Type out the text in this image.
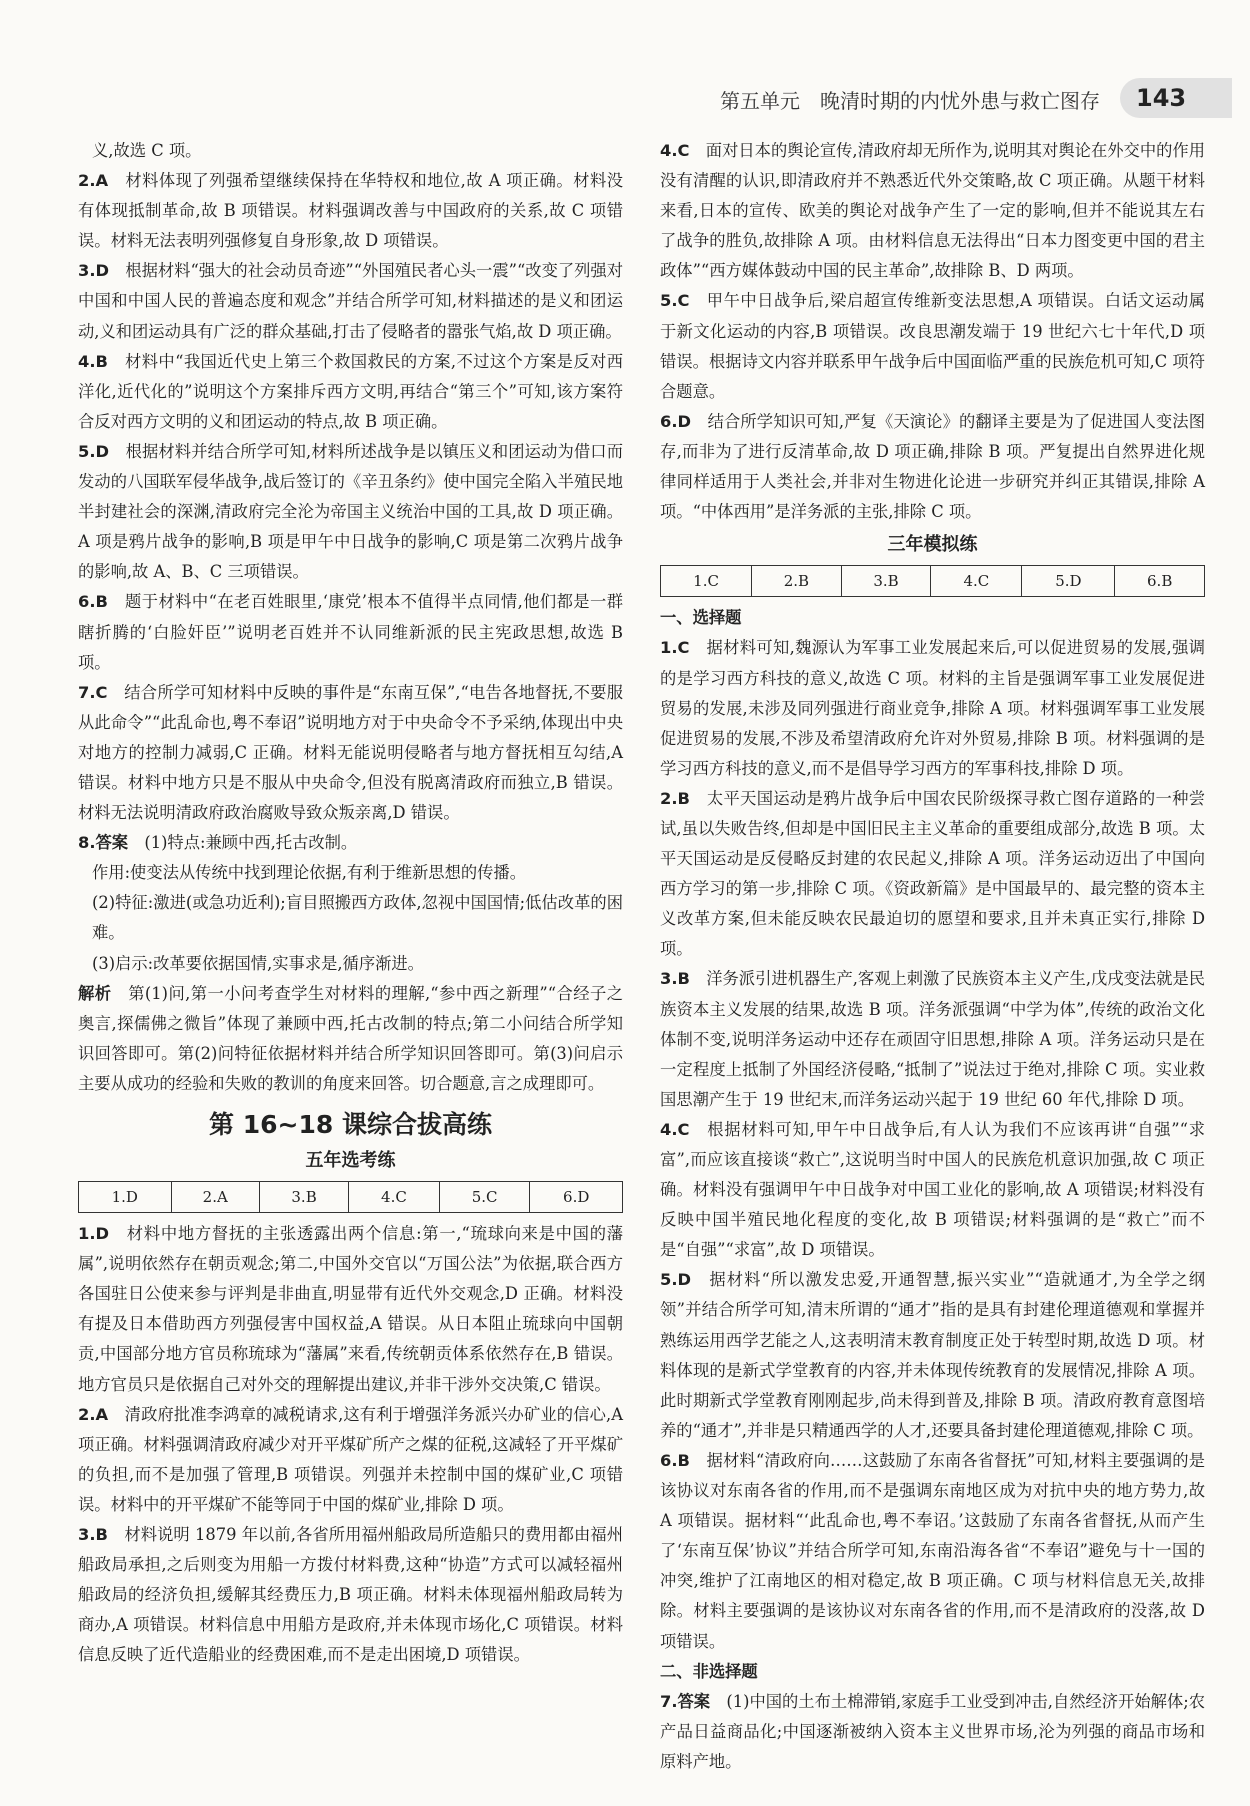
第五单元　晚清时期的内忧外患与救亡图存	143

义,故选 C 项。

2.A　材料体现了列强希望继续保持在华特权和地位,故 A 项正确。材料没有体现抵制革命,故 B 项错误。材料强调改善与中国政府的关系,故 C 项错误。材料无法表明列强修复自身形象,故 D 项错误。

3.D　根据材料“强大的社会动员奇迹”“外国殖民者心头一震”“改变了列强对中国和中国人民的普遍态度和观念”并结合所学可知,材料描述的是义和团运动,义和团运动具有广泛的群众基础,打击了侵略者的嚣张气焰,故 D 项正确。

4.B　材料中“我国近代史上第三个救国救民的方案,不过这个方案是反对西洋化,近代化的”说明这个方案排斥西方文明,再结合“第三个”可知,该方案符合反对西方文明的义和团运动的特点,故 B 项正确。

5.D　根据材料并结合所学可知,材料所述战争是以镇压义和团运动为借口而发动的八国联军侵华战争,战后签订的《辛丑条约》使中国完全陷入半殖民地半封建社会的深渊,清政府完全沦为帝国主义统治中国的工具,故 D 项正确。A 项是鸦片战争的影响,B 项是甲午中日战争的影响,C 项是第二次鸦片战争的影响,故 A、B、C 三项错误。

6.B　题于材料中“在老百姓眼里,‘康党’根本不值得半点同情,他们都是一群瞎折腾的‘白脸奸臣’”说明老百姓并不认同维新派的民主宪政思想,故选 B 项。

7.C　结合所学可知材料中反映的事件是“东南互保”,“电告各地督抚,不要服从此命令”“此乱命也,粤不奉诏”说明地方对于中央命令不予采纳,体现出中央对地方的控制力减弱,C 正确。材料无能说明侵略者与地方督抚相互勾结,A 错误。材料中地方只是不服从中央命令,但没有脱离清政府而独立,B 错误。材料无法说明清政府政治腐败导致众叛亲离,D 错误。

8.答案　(1)特点:兼顾中西,托古改制。

作用:使变法从传统中找到理论依据,有利于维新思想的传播。

(2)特征:激进(或急功近利);盲目照搬西方政体,忽视中国国情;低估改革的困难。

(3)启示:改革要依据国情,实事求是,循序渐进。

解析　第(1)问,第一小问考查学生对材料的理解,“参中西之新理”“合经子之奥言,探儒佛之微旨”体现了兼顾中西,托古改制的特点;第二小问结合所学知识回答即可。第(2)问特征依据材料并结合所学知识回答即可。第(3)问启示主要从成功的经验和失败的教训的角度来回答。切合题意,言之成理即可。

第 16~18 课综合拔高练
五年选考练
1.D	2.A	3.B	4.C	5.C	6.D

1.D　材料中地方督抚的主张透露出两个信息:第一,“琉球向来是中国的藩属”,说明依然存在朝贡观念;第二,中国外交官以“万国公法”为依据,联合西方各国驻日公使来参与评判是非曲直,明显带有近代外交观念,D 正确。材料没有提及日本借助西方列强侵害中国权益,A 错误。从日本阻止琉球向中国朝贡,中国部分地方官员称琉球为“藩属”来看,传统朝贡体系依然存在,B 错误。地方官员只是依据自己对外交的理解提出建议,并非干涉外交决策,C 错误。

2.A　清政府批准李鸿章的减税请求,这有利于增强洋务派兴办矿业的信心,A 项正确。材料强调清政府减少对开平煤矿所产之煤的征税,这减轻了开平煤矿的负担,而不是加强了管理,B 项错误。列强并未控制中国的煤矿业,C 项错误。材料中的开平煤矿不能等同于中国的煤矿业,排除 D 项。

3.B　材料说明 1879 年以前,各省所用福州船政局所造船只的费用都由福州船政局承担,之后则变为用船一方拨付材料费,这种“协造”方式可以减轻福州船政局的经济负担,缓解其经费压力,B 项正确。材料未体现福州船政局转为商办,A 项错误。材料信息中用船方是政府,并未体现市场化,C 项错误。材料信息反映了近代造船业的经费困难,而不是走出困境,D 项错误。

4.C　面对日本的舆论宣传,清政府却无所作为,说明其对舆论在外交中的作用没有清醒的认识,即清政府并不熟悉近代外交策略,故 C 项正确。从题干材料来看,日本的宣传、欧美的舆论对战争产生了一定的影响,但并不能说其左右了战争的胜负,故排除 A 项。由材料信息无法得出“日本力图变更中国的君主政体”“西方媒体鼓动中国的民主革命”,故排除 B、D 两项。

5.C　甲午中日战争后,梁启超宣传维新变法思想,A 项错误。白话文运动属于新文化运动的内容,B 项错误。改良思潮发端于 19 世纪六七十年代,D 项错误。根据诗文内容并联系甲午战争后中国面临严重的民族危机可知,C 项符合题意。

6.D　结合所学知识可知,严复《天演论》的翻译主要是为了促进国人变法图存,而非为了进行反清革命,故 D 项正确,排除 B 项。严复提出自然界进化规律同样适用于人类社会,并非对生物进化论进一步研究并纠正其错误,排除 A 项。“中体西用”是洋务派的主张,排除 C 项。

三年模拟练
1.C	2.B	3.B	4.C	5.D	6.B

一、选择题

1.C　据材料可知,魏源认为军事工业发展起来后,可以促进贸易的发展,强调的是学习西方科技的意义,故选 C 项。材料的主旨是强调军事工业发展促进贸易的发展,未涉及同列强进行商业竞争,排除 A 项。材料强调军事工业发展促进贸易的发展,不涉及希望清政府允许对外贸易,排除 B 项。材料强调的是学习西方科技的意义,而不是倡导学习西方的军事科技,排除 D 项。

2.B　太平天国运动是鸦片战争后中国农民阶级探寻救亡图存道路的一种尝试,虽以失败告终,但却是中国旧民主主义革命的重要组成部分,故选 B 项。太平天国运动是反侵略反封建的农民起义,排除 A 项。洋务运动迈出了中国向西方学习的第一步,排除 C 项。《资政新篇》是中国最早的、最完整的资本主义改革方案,但未能反映农民最迫切的愿望和要求,且并未真正实行,排除 D 项。

3.B　洋务派引进机器生产,客观上刺激了民族资本主义产生,戊戌变法就是民族资本主义发展的结果,故选 B 项。洋务派强调“中学为体”,传统的政治文化体制不变,说明洋务运动中还存在顽固守旧思想,排除 A 项。洋务运动只是在一定程度上抵制了外国经济侵略,“抵制了”说法过于绝对,排除 C 项。实业救国思潮产生于 19 世纪末,而洋务运动兴起于 19 世纪 60 年代,排除 D 项。

4.C　根据材料可知,甲午中日战争后,有人认为我们不应该再讲“自强”“求富”,而应该直接谈“救亡”,这说明当时中国人的民族危机意识加强,故 C 项正确。材料没有强调甲午中日战争对中国工业化的影响,故 A 项错误;材料没有反映中国半殖民地化程度的变化,故 B 项错误;材料强调的是“救亡”而不是“自强”“求富”,故 D 项错误。

5.D　据材料“所以激发忠爱,开通智慧,振兴实业”“造就通才,为全学之纲领”并结合所学可知,清末所谓的“通才”指的是具有封建伦理道德观和掌握并熟练运用西学艺能之人,这表明清末教育制度正处于转型时期,故选 D 项。材料体现的是新式学堂教育的内容,并未体现传统教育的发展情况,排除 A 项。此时期新式学堂教育刚刚起步,尚未得到普及,排除 B 项。清政府教育意图培养的“通才”,并非是只精通西学的人才,还要具备封建伦理道德观,排除 C 项。

6.B　据材料“清政府向……这鼓励了东南各省督抚”可知,材料主要强调的是该协议对东南各省的作用,而不是强调东南地区成为对抗中央的地方势力,故 A 项错误。据材料“‘此乱命也,粤不奉诏。’这鼓励了东南各省督抚,从而产生了‘东南互保’协议”并结合所学可知,东南沿海各省“不奉诏”避免与十一国的冲突,维护了江南地区的相对稳定,故 B 项正确。C 项与材料信息无关,故排除。材料主要强调的是该协议对东南各省的作用,而不是清政府的没落,故 D 项错误。

二、非选择题

7.答案　(1)中国的土布土棉滞销,家庭手工业受到冲击,自然经济开始解体;农产品日益商品化;中国逐渐被纳入资本主义世界市场,沦为列强的商品市场和原料产地。
